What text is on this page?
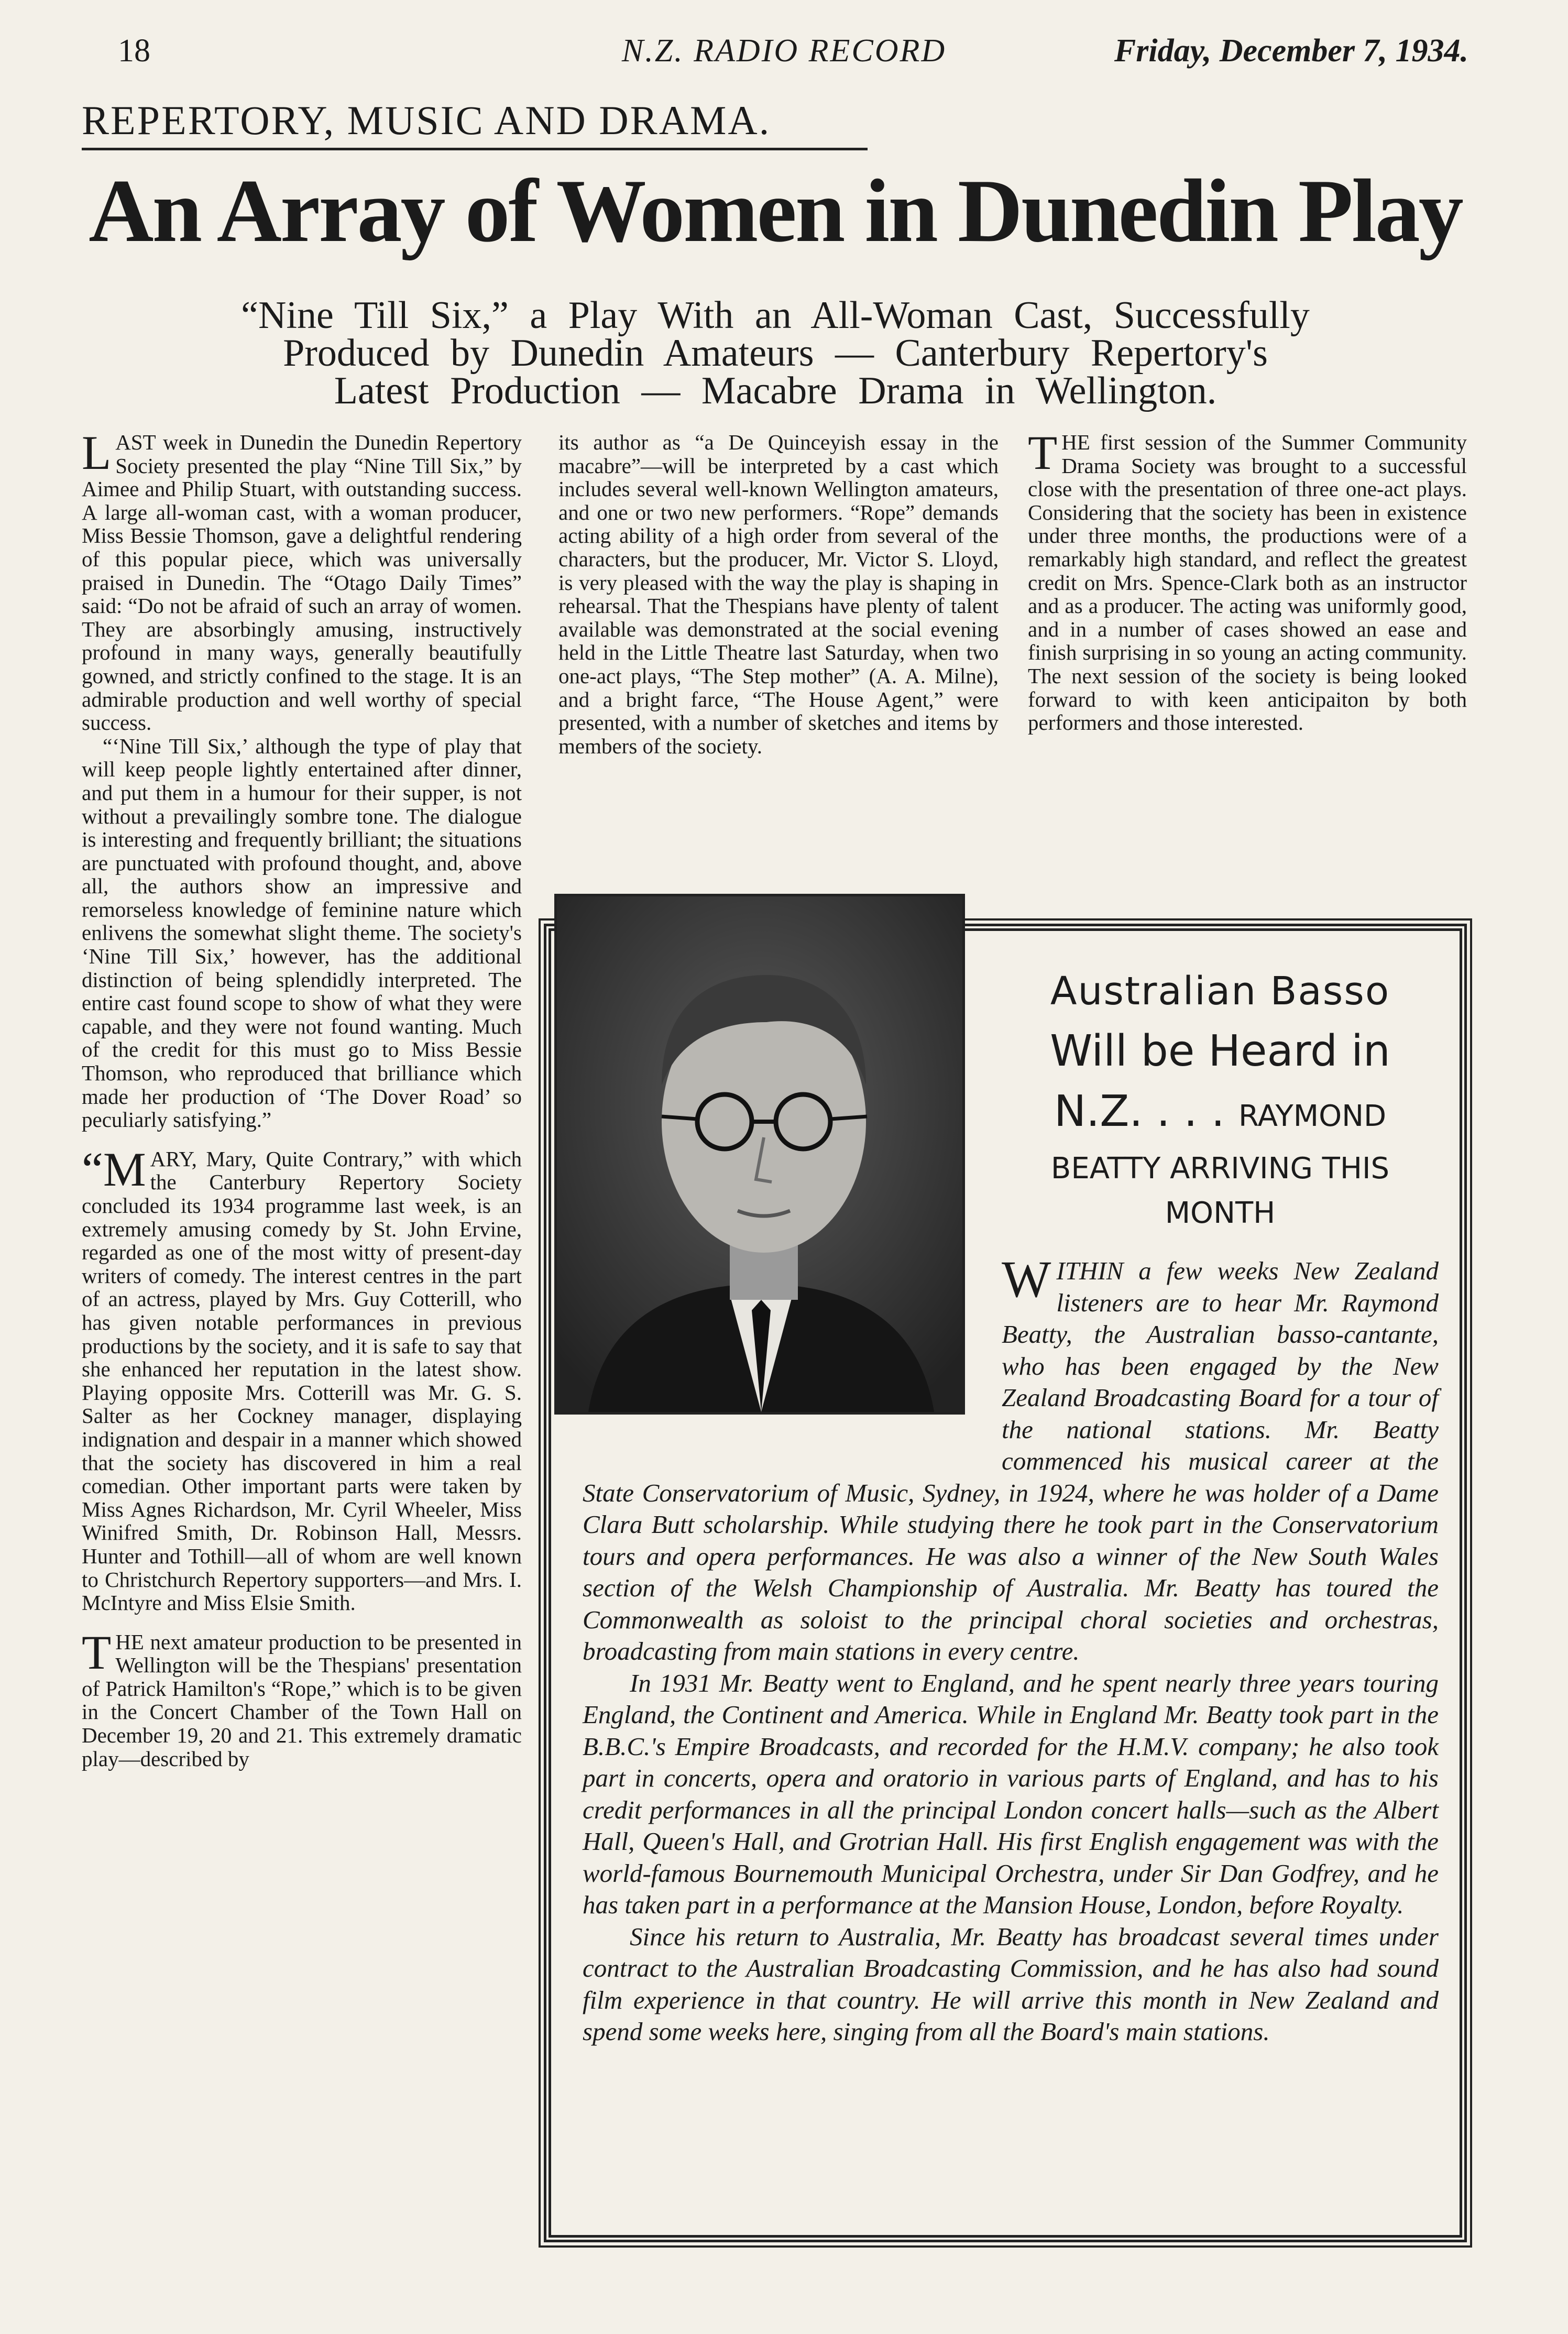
18	N.Z. RADIO RECORD	Friday, December 7, 1934.
REPERTORY, MUSIC AND DRAMA.
An Array of Women in Dunedin Play
“Nine Till Six,” a Play With an All-Woman Cast, Successfully
Produced by Dunedin Amateurs — Canterbury Repertory's
Latest Production — Macabre Drama in Wellington.

LAST week in Dunedin the Dunedin Repertory Society presented the play “Nine Till Six,” by Aimee and Philip Stuart, with outstanding success. A large all-woman cast, with a woman producer, Miss Bessie Thomson, gave a delightful rendering of this popular piece, which was universally praised in Dunedin. The “Otago Daily Times” said: “Do not be afraid of such an array of women. They are absorbingly amusing, instructively profound in many ways, generally beautifully gowned, and strictly confined to the stage. It is an admirable production and well worthy of special success.

“‘Nine Till Six,’ although the type of play that will keep people lightly entertained after dinner, and put them in a humour for their supper, is not without a prevailingly sombre tone. The dialogue is interesting and frequently brilliant; the situations are punctuated with profound thought, and, above all, the authors show an impressive and remorseless knowledge of feminine nature which enlivens the somewhat slight theme. The society's ‘Nine Till Six,’ however, has the additional distinction of being splendidly interpreted. The entire cast found scope to show of what they were capable, and they were not found wanting. Much of the credit for this must go to Miss Bessie Thomson, who reproduced that brilliance which made her production of ‘The Dover Road’ so peculiarly satisfying.”

“MARY, Mary, Quite Contrary,” with which the Canterbury Repertory Society concluded its 1934 programme last week, is an extremely amusing comedy by St. John Ervine, regarded as one of the most witty of present-day writers of comedy. The interest centres in the part of an actress, played by Mrs. Guy Cotterill, who has given notable performances in previous productions by the society, and it is safe to say that she enhanced her reputation in the latest show. Playing opposite Mrs. Cotterill was Mr. G. S. Salter as her Cockney manager, displaying indignation and despair in a manner which showed that the society has discovered in him a real comedian. Other important parts were taken by Miss Agnes Richardson, Mr. Cyril Wheeler, Miss Winifred Smith, Dr. Robinson Hall, Messrs. Hunter and Tothill—all of whom are well known to Christchurch Repertory supporters—and Mrs. I. McIntyre and Miss Elsie Smith.

THE next amateur production to be presented in Wellington will be the Thespians' presentation of Patrick Hamilton's “Rope,” which is to be given in the Concert Chamber of the Town Hall on December 19, 20 and 21. This extremely dramatic play—described by

its author as “a De Quinceyish essay in the macabre”—will be interpreted by a cast which includes several well-known Wellington amateurs, and one or two new performers. “Rope” demands acting ability of a high order from several of the characters, but the producer, Mr. Victor S. Lloyd, is very pleased with the way the play is shaping in rehearsal. That the Thespians have plenty of talent available was demonstrated at the social evening held in the Little Theatre last Saturday, when two one-act plays, “The Step mother” (A. A. Milne), and a bright farce, “The House Agent,” were presented, with a number of sketches and items by members of the society.

THE first session of the Summer Community Drama Society was brought to a successful close with the presentation of three one-act plays. Considering that the society has been in existence under three months, the productions were of a remarkably high standard, and reflect the greatest credit on Mrs. Spence-Clark both as an instructor and as a producer. The acting was uniformly good, and in a number of cases showed an ease and finish surprising in so young an acting community. The next session of the society is being looked forward to with keen anticipaiton by both performers and those interested.

Australian Basso
Will be Heard in
N.Z. . . . RAYMOND
BEATTY ARRIVING THIS
MONTH

WITHIN a few weeks New Zealand listeners are to hear Mr. Raymond Beatty, the Australian basso-cantante, who has been engaged by the New Zealand Broadcasting Board for a tour of the national stations. Mr. Beatty commenced his musical career at the State Conservatorium of Music, Sydney, in 1924, where he was holder of a Dame Clara Butt scholarship. While studying there he took part in the Conservatorium tours and opera performances. He was also a winner of the New South Wales section of the Welsh Championship of Australia. Mr. Beatty has toured the Commonwealth as soloist to the principal choral societies and orchestras, broadcasting from main stations in every centre.

In 1931 Mr. Beatty went to England, and he spent nearly three years touring England, the Continent and America. While in England Mr. Beatty took part in the B.B.C.'s Empire Broadcasts, and recorded for the H.M.V. company; he also took part in concerts, opera and oratorio in various parts of England, and has to his credit performances in all the principal London concert halls—such as the Albert Hall, Queen's Hall, and Grotrian Hall. His first English engagement was with the world-famous Bournemouth Municipal Orchestra, under Sir Dan Godfrey, and he has taken part in a performance at the Mansion House, London, before Royalty.

Since his return to Australia, Mr. Beatty has broadcast several times under contract to the Australian Broadcasting Commission, and he has also had sound film experience in that country. He will arrive this month in New Zealand and spend some weeks here, singing from all the Board's main stations.
